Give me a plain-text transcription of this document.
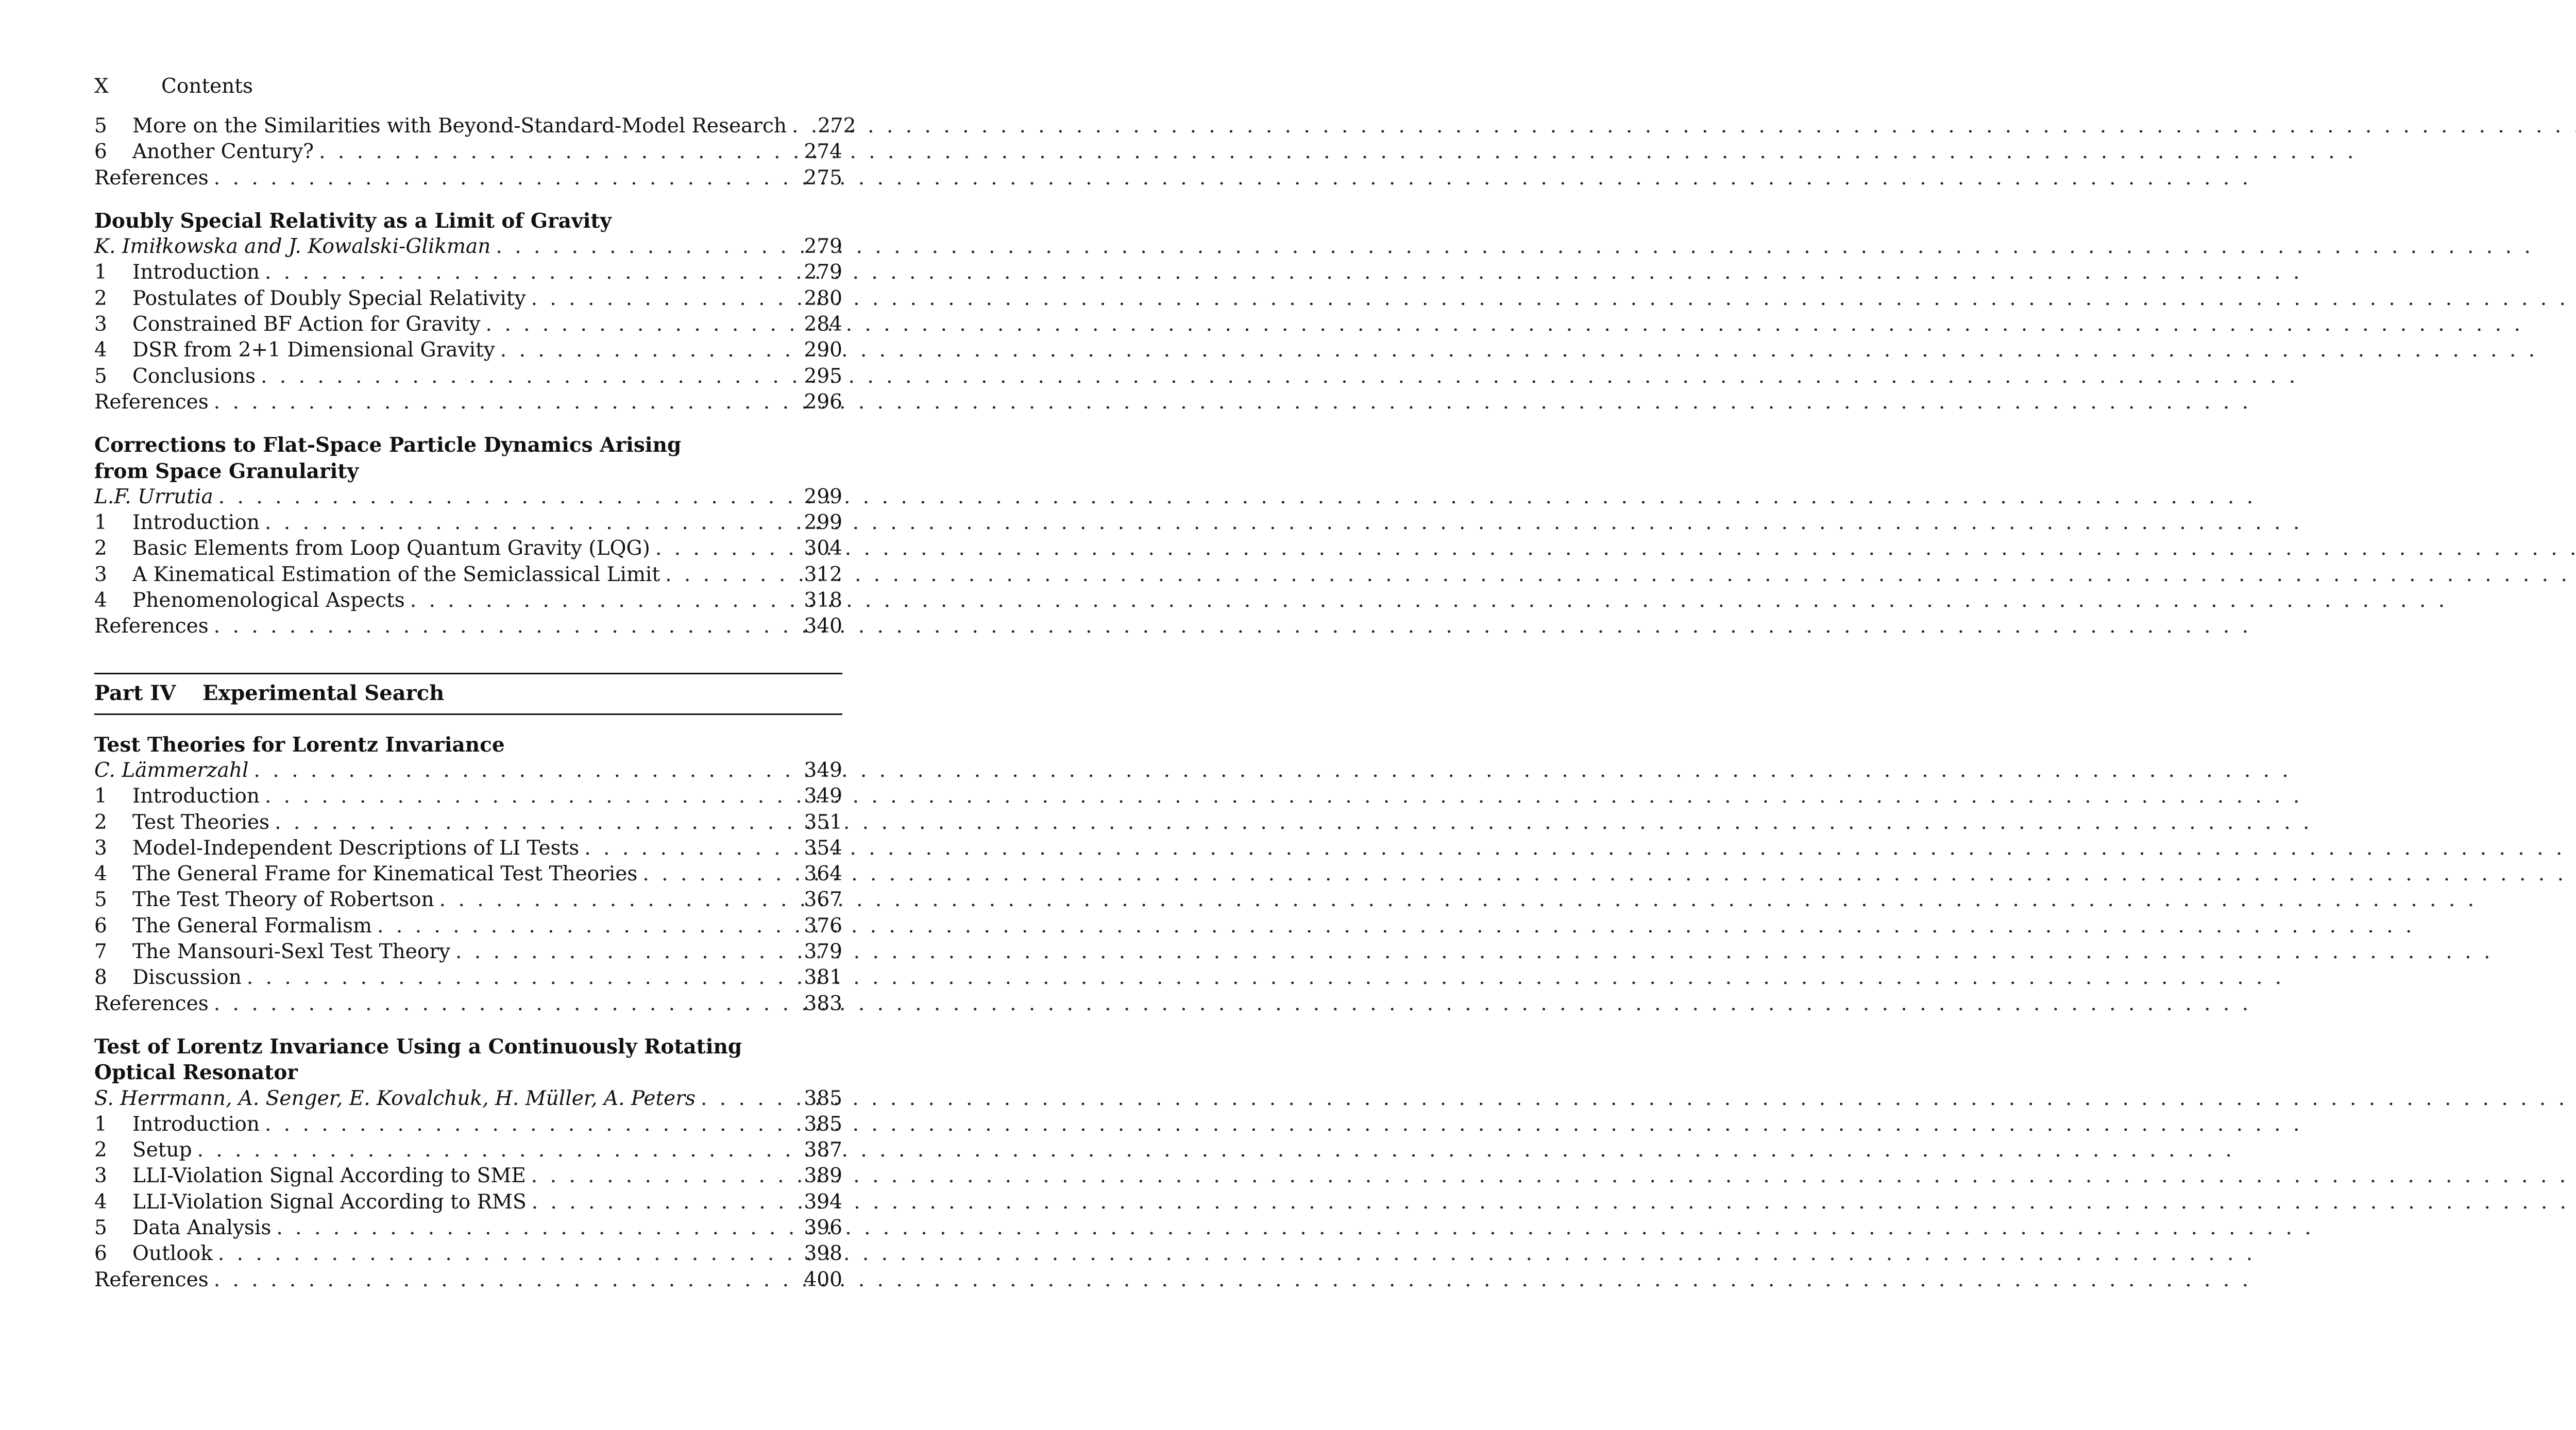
X	Contents
5	More on the Similarities with Beyond-Standard-Model Research . . . 272
6	Another Century? . . .	274
References . . .	275
Doubly Special Relativity as a Limit of Gravity
K. Imiłkowska and J. Kowalski-Glikman . . .	279
1	Introduction . . .	279
2	Postulates of Doubly Special Relativity . . .	280
3	Constrained BF Action for Gravity . . .	284
4	DSR from 2+1 Dimensional Gravity . . .	290
5	Conclusions . . .	295
References . . .	296
Corrections to Flat-Space Particle Dynamics Arising
from Space Granularity
L.F. Urrutia . . .	299
1	Introduction . . .	299
2	Basic Elements from Loop Quantum Gravity (LQG) . . .	304
3	A Kinematical Estimation of the Semiclassical Limit . . .	312
4	Phenomenological Aspects . . .	318
References . . .	340
Part IV Experimental Search
Test Theories for Lorentz Invariance
C. Lämmerzahl . . .	349
1	Introduction . . .	349
2	Test Theories . . .	351
3	Model-Independent Descriptions of LI Tests . . .	354
4	The General Frame for Kinematical Test Theories . . .	364
5	The Test Theory of Robertson . . .	367
6	The General Formalism . . .	376
7	The Mansouri-Sexl Test Theory . . .	379
8	Discussion . . .	381
References . . .	383
Test of Lorentz Invariance Using a Continuously Rotating
Optical Resonator
S. Herrmann, A. Senger, E. Kovalchuk, H. Müller, A. Peters . . .	385
1	Introduction . . .	385
2	Setup . . .	387
3	LLI-Violation Signal According to SME . . .	389
4	LLI-Violation Signal According to RMS . . .	394
5	Data Analysis . . .	396
6	Outlook . . .	398
References . . .	400
